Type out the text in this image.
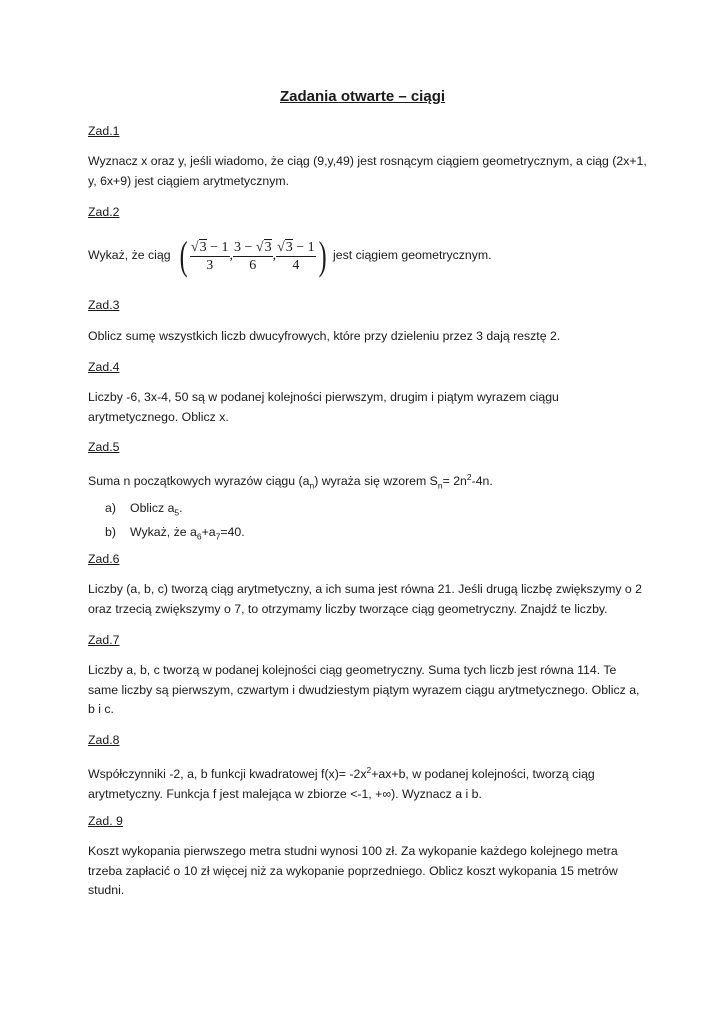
Zadania otwarte – ciągi
Zad.1
Wyznacz x oraz y, jeśli wiadomo, że ciąg (9,y,49) jest rosnącym ciągiem geometrycznym, a ciąg (2x+1, y, 6x+9) jest ciągiem arytmetycznym.
Zad.2
Wykaż, że ciąg ( $\frac{√3 - 1}{3}$ , $\frac{3 - √3}{6}$ , $\frac{√3 - 1}{4}$ ) jest ciągiem geometrycznym.
Zad.3
Oblicz sumę wszystkich liczb dwucyfrowych, które przy dzieleniu przez 3 dają resztę 2.
Zad.4
Liczby -6, 3x-4, 50 są w podanej kolejności pierwszym, drugim i piątym wyrazem ciągu arytmetycznego. Oblicz x.
Zad.5
Suma n początkowych wyrazów ciągu $(a_n)$ wyraża się wzorem $S_n= 2n^2-4n$.
a) Oblicz $a_5$.
b) Wykaż, że $a_6+a_7=40$.
Zad.6
Liczby (a, b, c) tworzą ciąg arytmetyczny, a ich suma jest równa 21. Jeśli drugą liczbę zwiększymy o 2 oraz trzecią zwiększymy o 7, to otrzymamy liczby tworzące ciąg geometryczny. Znajdź te liczby.
Zad.7
Liczby a, b, c tworzą w podanej kolejności ciąg geometryczny. Suma tych liczb jest równa 114. Te same liczby są pierwszym, czwartym i dwudziestym piątym wyrazem ciągu arytmetycznego. Oblicz a, b i c.
Zad.8
Współczynniki -2, a, b funkcji kwadratowej $f(x)= -2x^2+ax+b$, w podanej kolejności, tworzą ciąg arytmetyczny. Funkcja f jest malejąca w zbiorze <-1, +∞). Wyznacz a i b.
Zad. 9
Koszt wykopania pierwszego metra studni wynosi 100 zł. Za wykopanie każdego kolejnego metra trzeba zapłacić o 10 zł więcej niż za wykopanie poprzedniego. Oblicz koszt wykopania 15 metrów studni.
